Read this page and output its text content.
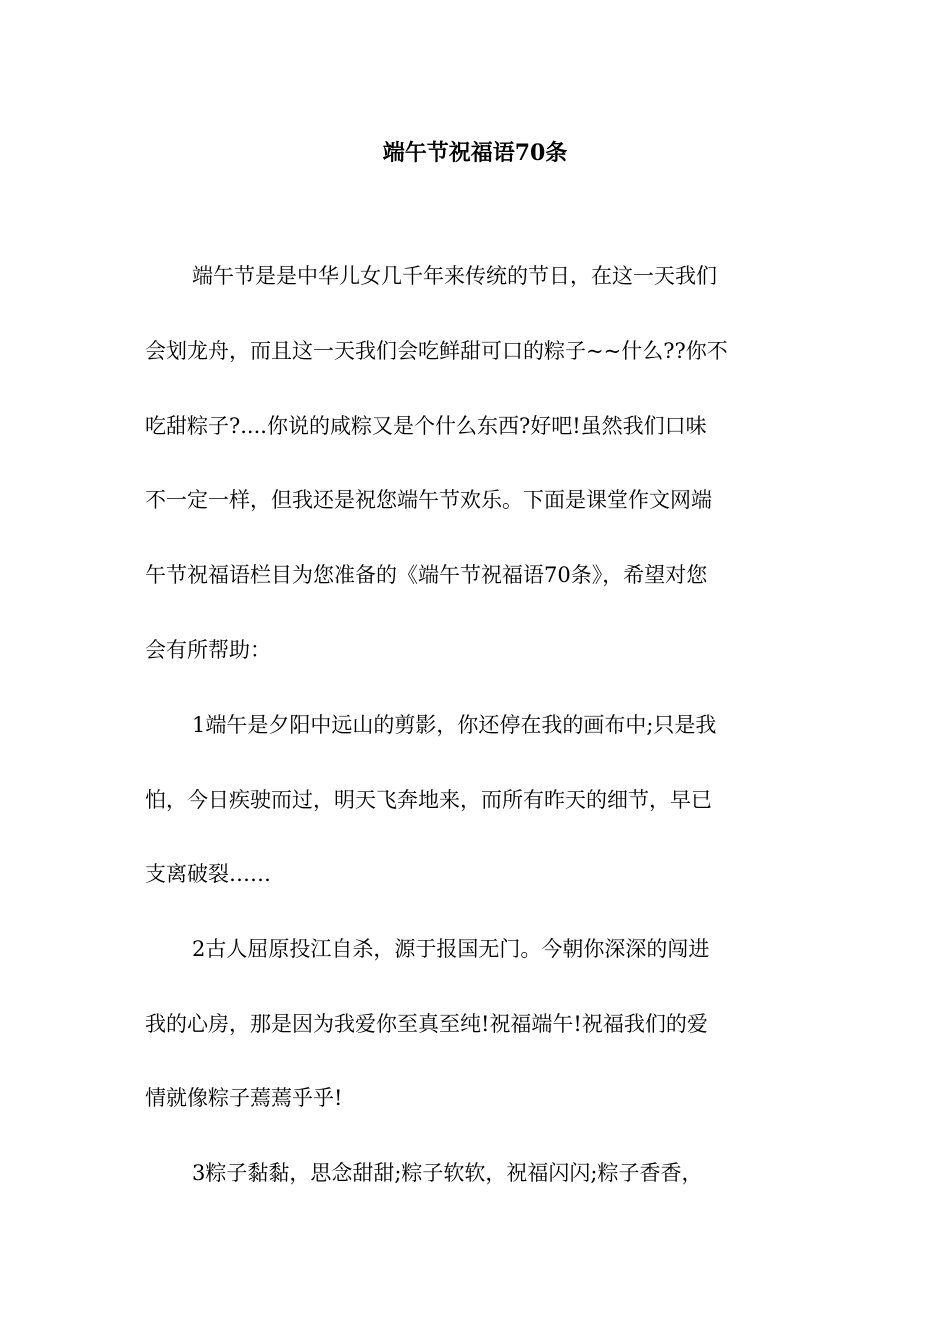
端午节祝福语70条
端午节是是中华儿女几千年来传统的节日，在这一天我们
会划龙舟，而且这一天我们会吃鲜甜可口的粽子~~什么??你不
吃甜粽子?....你说的咸粽又是个什么东西?好吧!虽然我们口味
不一定一样，但我还是祝您端午节欢乐。下面是课堂作文网端
午节祝福语栏目为您准备的《端午节祝福语70条》，希望对您
会有所帮助：
1端午是夕阳中远山的剪影，你还停在我的画布中;只是我
怕，今日疾驶而过，明天飞奔地来，而所有昨天的细节，早已
支离破裂……
2古人屈原投江自杀，源于报国无门。今朝你深深的闯进
我的心房，那是因为我爱你至真至纯!祝福端午!祝福我们的爱
情就像粽子蔫蔫乎乎!
3粽子黏黏，思念甜甜;粽子软软，祝福闪闪;粽子香香，
